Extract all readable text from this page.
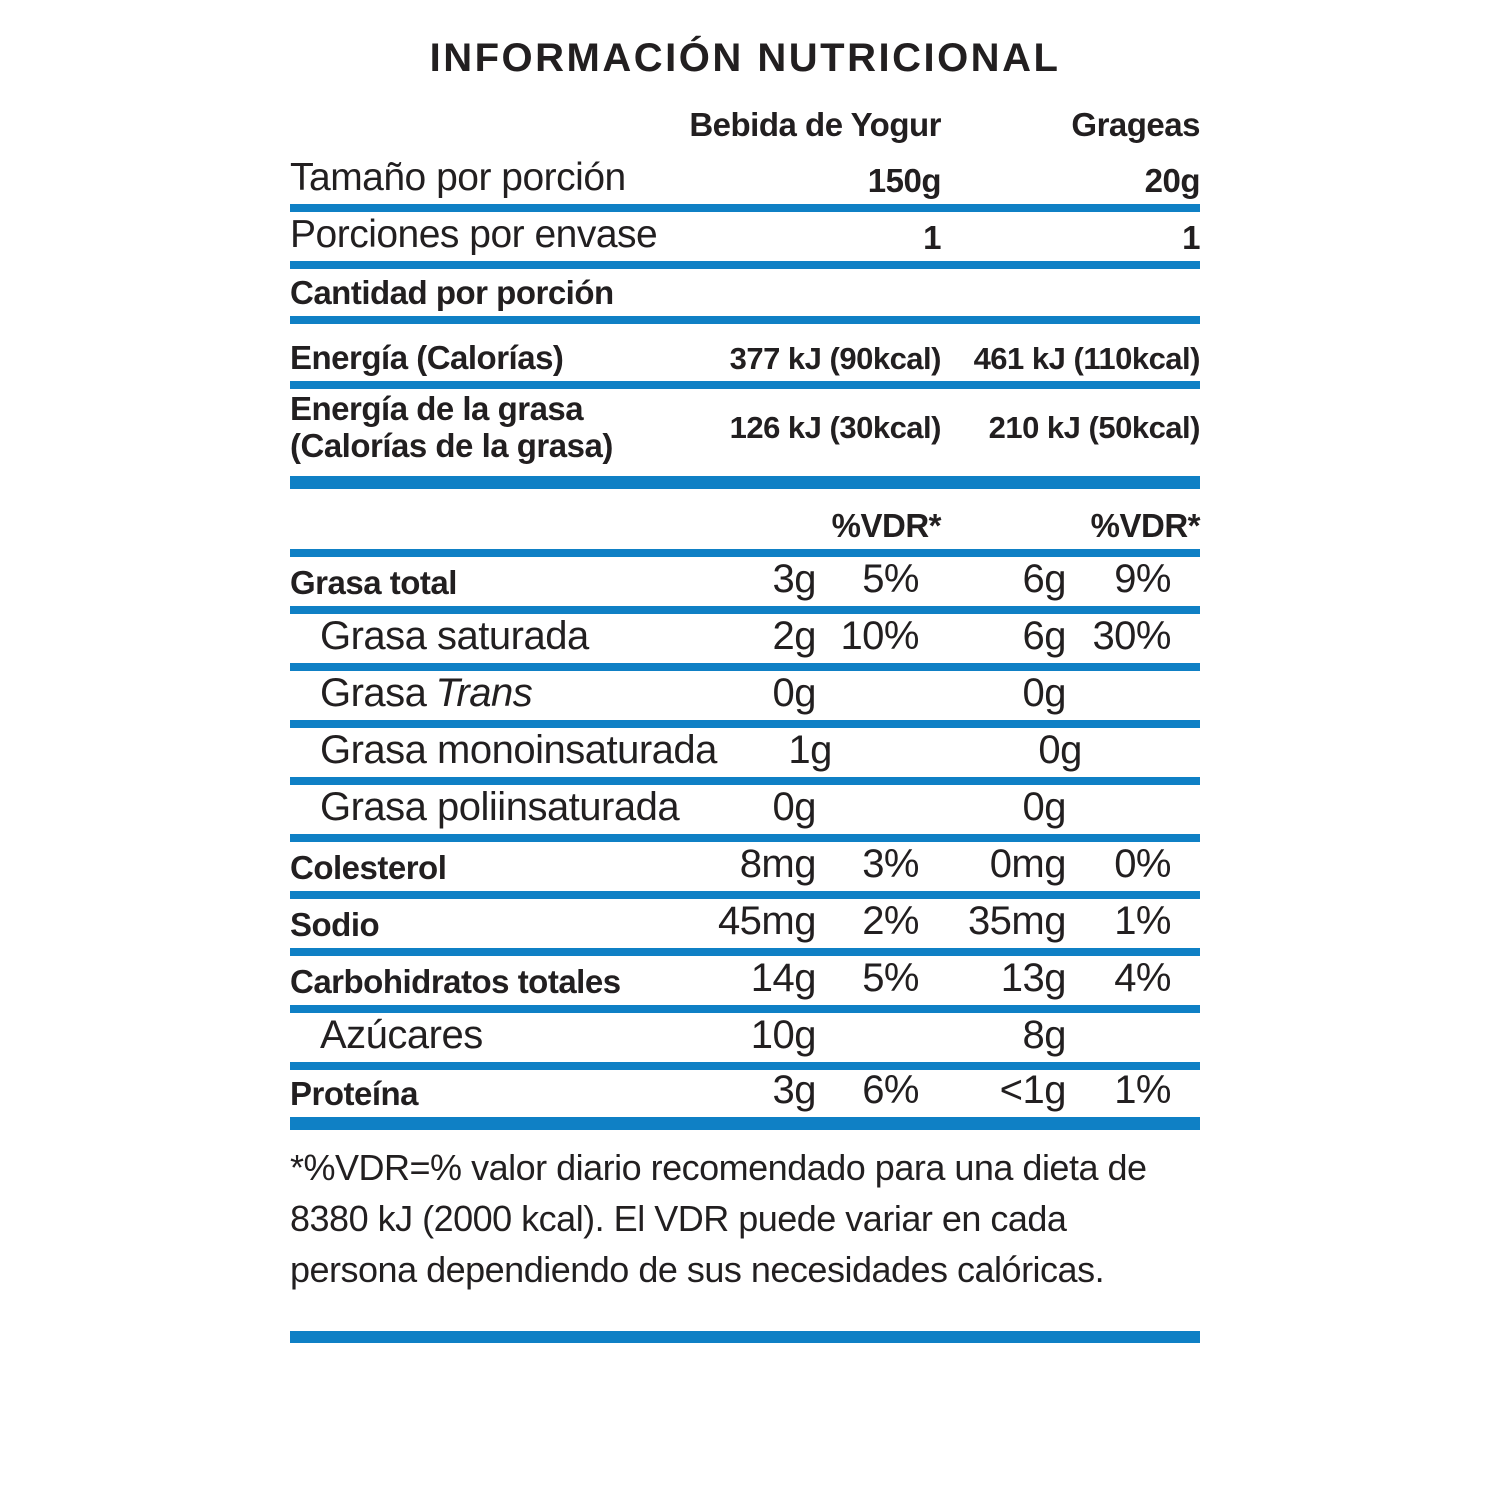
INFORMACIÓN NUTRICIONAL
Bebida de Yogur	Grageas
Tamaño por porción	150g	20g
Porciones por envase	1	1
Cantidad por porción
Energía (Calorías)	377 kJ (90kcal)	461 kJ (110kcal)
Energía de la grasa
(Calorías de la grasa)	126 kJ (30kcal)	210 kJ (50kcal)
%VDR*	%VDR*
Grasa total	3g	5%	6g	9%
Grasa saturada	2g 10%	6g 30%
Grasa Trans	0g	0g
Grasa monoinsaturada	1g	0g
Grasa poliinsaturada	0g	0g
Colesterol	8mg	3%	0mg	0%
Sodio	45mg	2%	35mg	1%
Carbohidratos totales	14g	5%	13g	4%
Azúcares	10g	8g
Proteína	3g	6%	<1g	1%

*%VDR=% valor diario recomendado para una dieta de 8380 kJ (2000 kcal). El VDR puede variar en cada persona dependiendo de sus necesidades calóricas.
